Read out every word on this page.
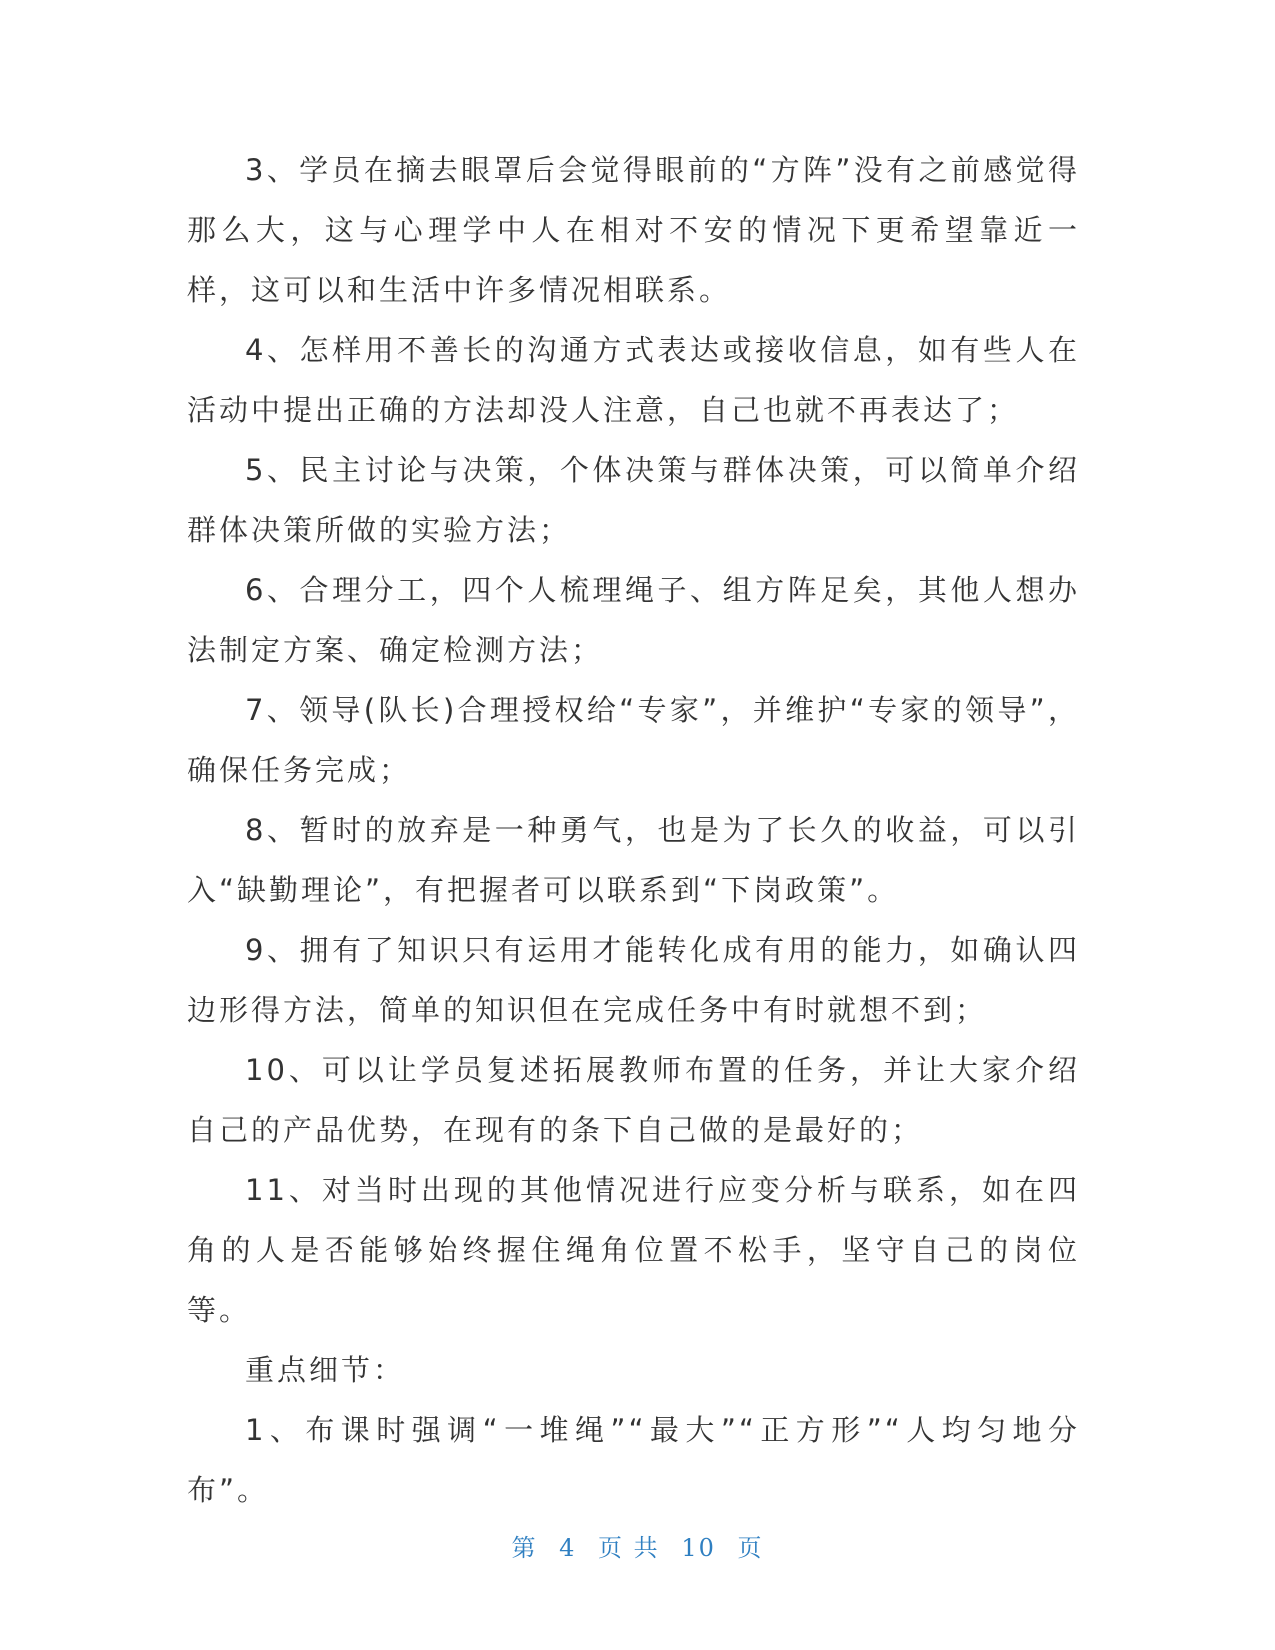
3、学员在摘去眼罩后会觉得眼前的“方阵”没有之前感觉得那么大，这与心理学中人在相对不安的情况下更希望靠近一样，这可以和生活中许多情况相联系。

4、怎样用不善长的沟通方式表达或接收信息，如有些人在活动中提出正确的方法却没人注意，自己也就不再表达了；

5、民主讨论与决策，个体决策与群体决策，可以简单介绍群体决策所做的实验方法；

6、合理分工，四个人梳理绳子、组方阵足矣，其他人想办法制定方案、确定检测方法；

7、领导(队长)合理授权给“专家”，并维护“专家的领导”，确保任务完成；

8、暂时的放弃是一种勇气，也是为了长久的收益，可以引入“缺勤理论”，有把握者可以联系到“下岗政策”。

9、拥有了知识只有运用才能转化成有用的能力，如确认四边形得方法，简单的知识但在完成任务中有时就想不到；

10、可以让学员复述拓展教师布置的任务，并让大家介绍自己的产品优势，在现有的条下自己做的是最好的；

11、对当时出现的其他情况进行应变分析与联系，如在四角的人是否能够始终握住绳角位置不松手，坚守自己的岗位等。

重点细节：

1、布课时强调“一堆绳”“最大”“正方形”“人均匀地分布”。

第 4 页 共 10 页
